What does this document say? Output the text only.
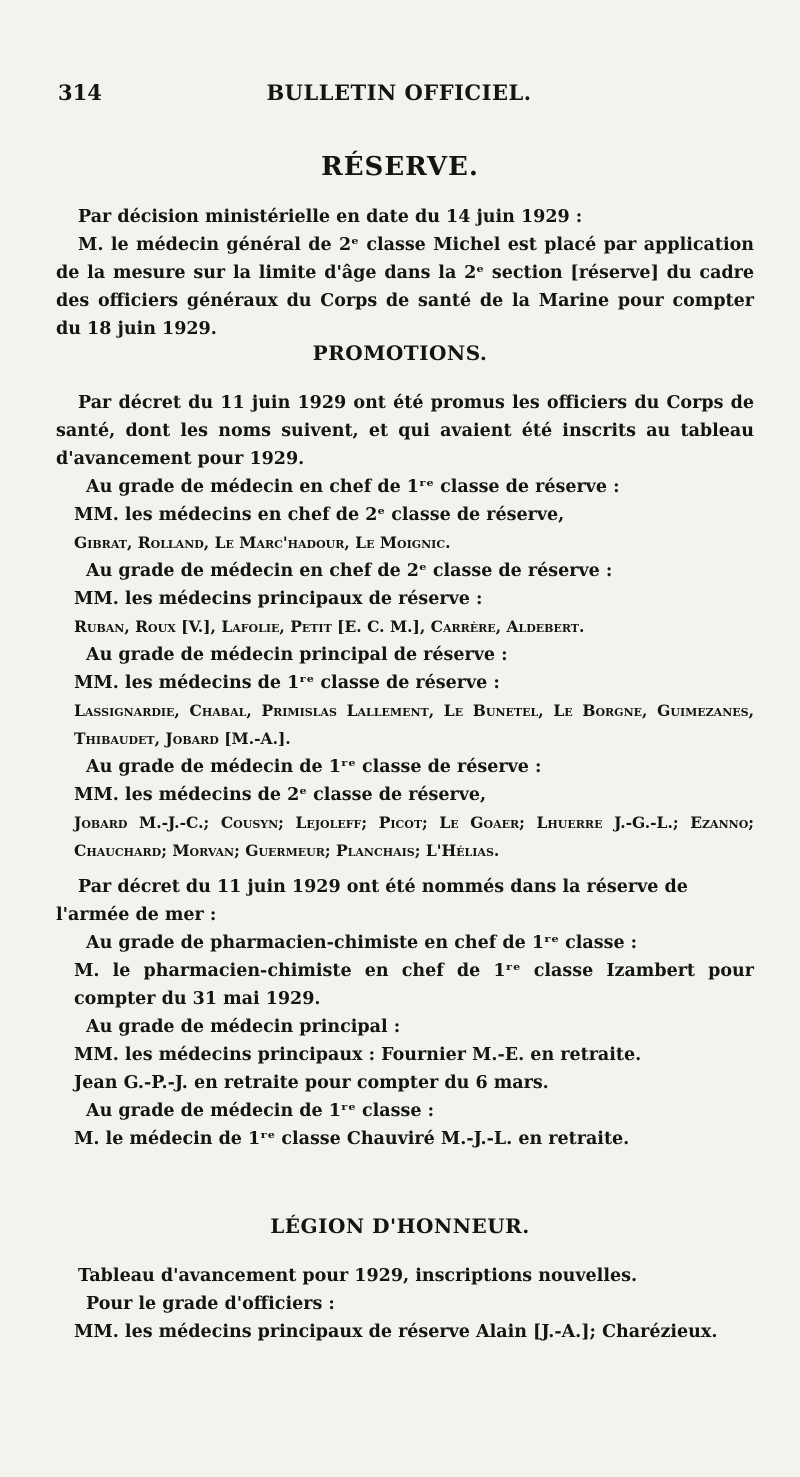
314	BULLETIN OFFICIEL.
RÉSERVE.
Par décision ministérielle en date du 14 juin 1929 :
M. le médecin général de 2ᵉ classe Michel est placé par application de la mesure sur la limite d'âge dans la 2ᵉ section [réserve] du cadre des officiers généraux du Corps de santé de la Marine pour compter du 18 juin 1929.
PROMOTIONS.
Par décret du 11 juin 1929 ont été promus les officiers du Corps de santé, dont les noms suivent, et qui avaient été inscrits au tableau d'avancement pour 1929.
Au grade de médecin en chef de 1ʳᵉ classe de réserve :
MM. les médecins en chef de 2ᵉ classe de réserve,
Gibrat, Rolland, Le Marc'hadour, Le Moignic.
Au grade de médecin en chef de 2ᵉ classe de réserve :
MM. les médecins principaux de réserve :
Ruban, Roux [V.], Lafolie, Petit [E. C. M.], Carrère, Aldebert.
Au grade de médecin principal de réserve :
MM. les médecins de 1ʳᵉ classe de réserve :
Lassignardie, Chabal, Primislas Lallement, Le Bunetel, Le Borgne, Guimezanes, Thibaudet, Jobard [M.-A.].
Au grade de médecin de 1ʳᵉ classe de réserve :
MM. les médecins de 2ᵉ classe de réserve,
Jobard M.-J.-C.; Cousyn; Lejoleff; Picot; Le Goaer; Lhuerre J.-G.-L.; Ezanno; Chauchard; Morvan; Guermeur; Planchais; L'Hélias.
Par décret du 11 juin 1929 ont été nommés dans la réserve de l'armée de mer :
Au grade de pharmacien-chimiste en chef de 1ʳᵉ classe :
M. le pharmacien-chimiste en chef de 1ʳᵉ classe Izambert pour compter du 31 mai 1929.
Au grade de médecin principal :
MM. les médecins principaux : Fournier M.-E. en retraite.
Jean G.-P.-J. en retraite pour compter du 6 mars.
Au grade de médecin de 1ʳᵉ classe :
M. le médecin de 1ʳᵉ classe Chauviré M.-J.-L. en retraite.
LÉGION D'HONNEUR.
Tableau d'avancement pour 1929, inscriptions nouvelles.
Pour le grade d'officiers :
MM. les médecins principaux de réserve Alain [J.-A.]; Charézieux.
